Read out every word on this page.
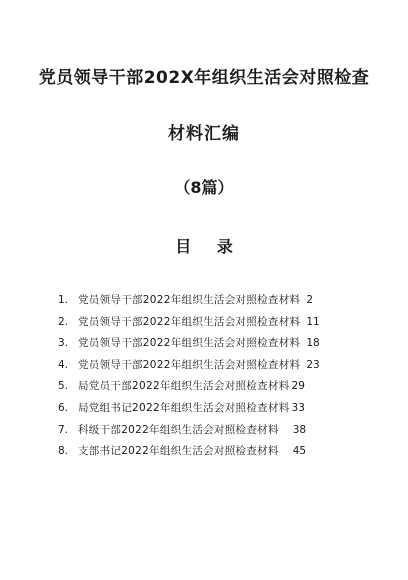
党员领导干部202X年组织生活会对照检查
材料汇编
（8篇）
目 录
1. 党员领导干部2022年组织生活会对照检查材料 2
2. 党员领导干部2022年组织生活会对照检查材料 11
3. 党员领导干部2022年组织生活会对照检查材料 18
4. 党员领导干部2022年组织生活会对照检查材料 23
5. 局党员干部2022年组织生活会对照检查材料 29
6. 局党组书记2022年组织生活会对照检查材料 33
7. 科级干部2022年组织生活会对照检查材料 38
8. 支部书记2022年组织生活会对照检查材料 45
